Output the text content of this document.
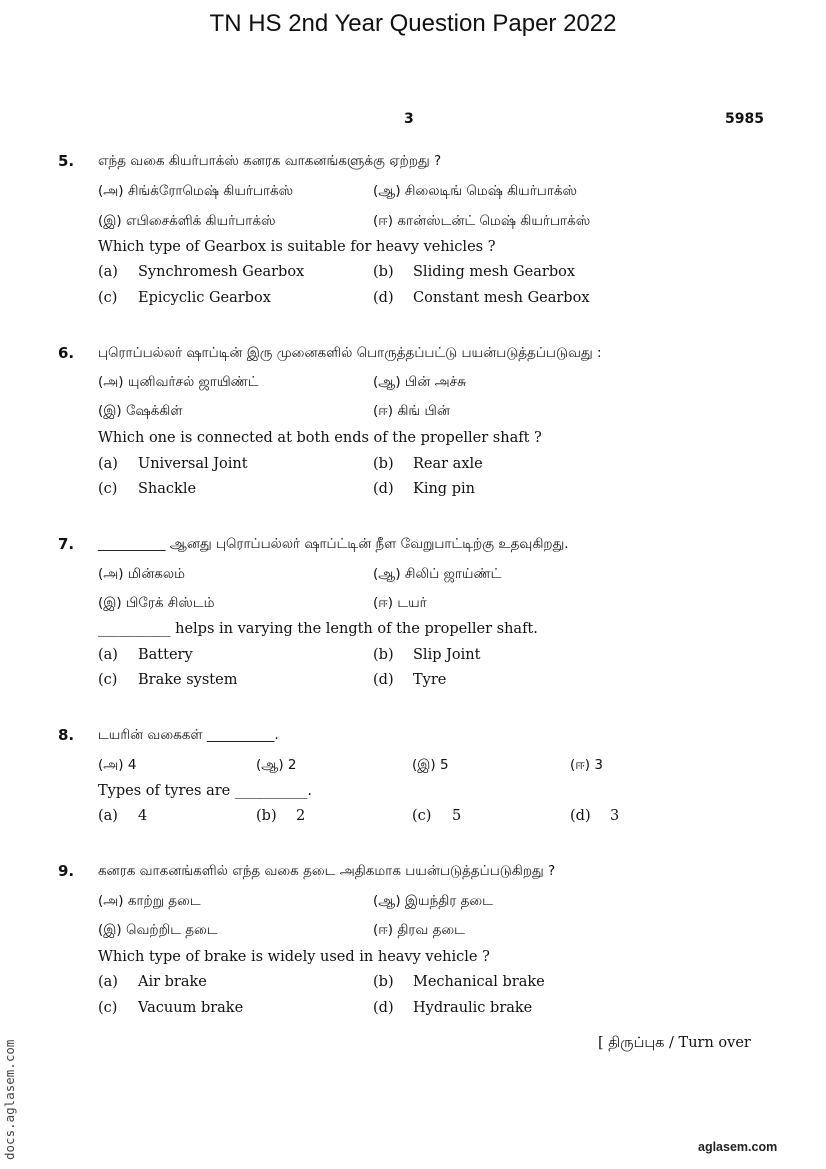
TN HS 2nd Year Question Paper 2022
3	5985
5. எந்த வகை கியர்பாக்ஸ் கனரக வாகனங்களுக்கு ஏற்றது ?
(அ) சிங்க்ரோமெஷ் கியர்பாக்ஸ்	(ஆ) சிலைடிங் மெஷ் கியர்பாக்ஸ்
(இ) எபிசைக்ளிக் கியர்பாக்ஸ்	(ஈ) கான்ஸ்டன்ட் மெஷ் கியர்பாக்ஸ்
Which type of Gearbox is suitable for heavy vehicles ?
(a) Synchromesh Gearbox	(b) Sliding mesh Gearbox
(c) Epicyclic Gearbox	(d) Constant mesh Gearbox
6. புரொப்பல்லர் ஷாப்டின் இரு முனைகளில் பொருத்தப்பட்டு பயன்படுத்தப்படுவது :
(அ) யுனிவர்சல் ஜாயிண்ட்	(ஆ) பின் அச்சு
(இ) ஷேக்கிள்	(ஈ) கிங் பின்
Which one is connected at both ends of the propeller shaft ?
(a) Universal Joint	(b) Rear axle
(c) Shackle	(d) King pin
7. __________ ஆனது புரொப்பல்லர் ஷாப்ட்டின் நீள வேறுபாட்டிற்கு உதவுகிறது.
(அ) மின்கலம்	(ஆ) சிலிப் ஜாய்ண்ட்
(இ) பிரேக் சிஸ்டம்	(ஈ) டயர்
__________ helps in varying the length of the propeller shaft.
(a) Battery	(b) Slip Joint
(c) Brake system	(d) Tyre
8. டயரின் வகைகள் __________.
(அ) 4	(ஆ) 2	(இ) 5	(ஈ) 3
Types of tyres are __________.
(a) 4	(b) 2	(c) 5	(d) 3
9. கனரக வாகனங்களில் எந்த வகை தடை அதிகமாக பயன்படுத்தப்படுகிறது ?
(அ) காற்று தடை	(ஆ) இயந்திர தடை
(இ) வெற்றிட தடை	(ஈ) திரவ தடை
Which type of brake is widely used in heavy vehicle ?
(a) Air brake	(b) Mechanical brake
(c) Vacuum brake	(d) Hydraulic brake
[ திருப்புக / Turn over
docs.aglasem.com	aglasem.com
